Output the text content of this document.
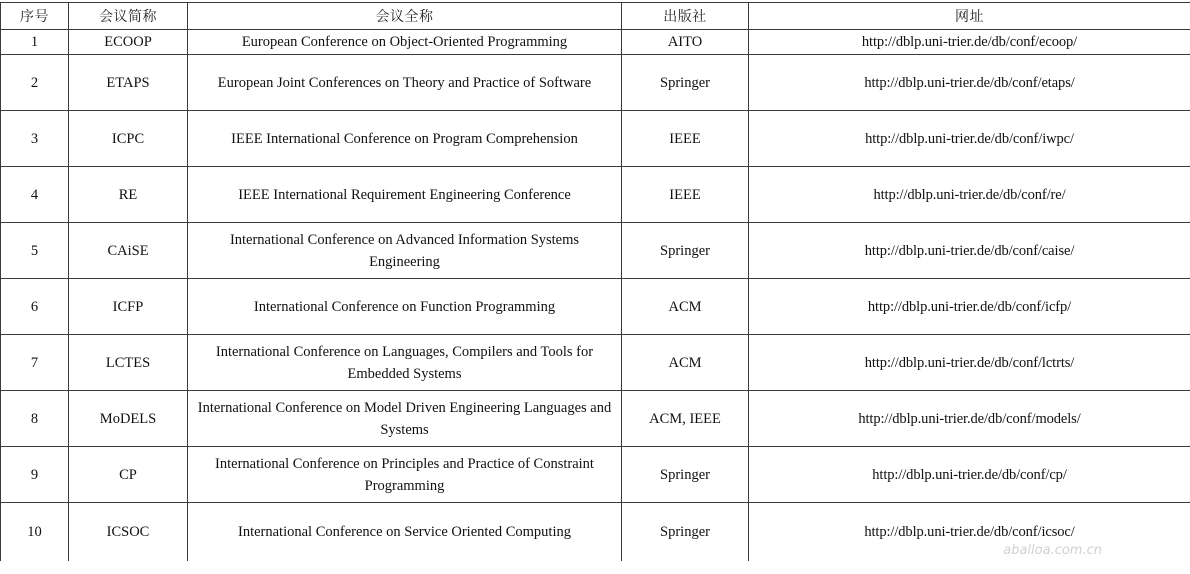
序号	会议简称	会议全称	出版社	网址
1	ECOOP	European Conference on Object-Oriented Programming	AITO	http://dblp.uni-trier.de/db/conf/ecoop/
2	ETAPS	European Joint Conferences on Theory and Practice of Software	Springer	http://dblp.uni-trier.de/db/conf/etaps/
3	ICPC	IEEE International Conference on Program Comprehension	IEEE	http://dblp.uni-trier.de/db/conf/iwpc/
4	RE	IEEE International Requirement Engineering Conference	IEEE	http://dblp.uni-trier.de/db/conf/re/
5	CAiSE	International Conference on Advanced Information Systems Engineering	Springer	http://dblp.uni-trier.de/db/conf/caise/
6	ICFP	International Conference on Function Programming	ACM	http://dblp.uni-trier.de/db/conf/icfp/
7	LCTES	International Conference on Languages, Compilers and Tools for Embedded Systems	ACM	http://dblp.uni-trier.de/db/conf/lctrts/
8	MoDELS	International Conference on Model Driven Engineering Languages and Systems	ACM, IEEE	http://dblp.uni-trier.de/db/conf/models/
9	CP	International Conference on Principles and Practice of Constraint Programming	Springer	http://dblp.uni-trier.de/db/conf/cp/
10	ICSOC	International Conference on Service Oriented Computing	Springer	http://dblp.uni-trier.de/db/conf/icsoc/
aballoa.com.cn
